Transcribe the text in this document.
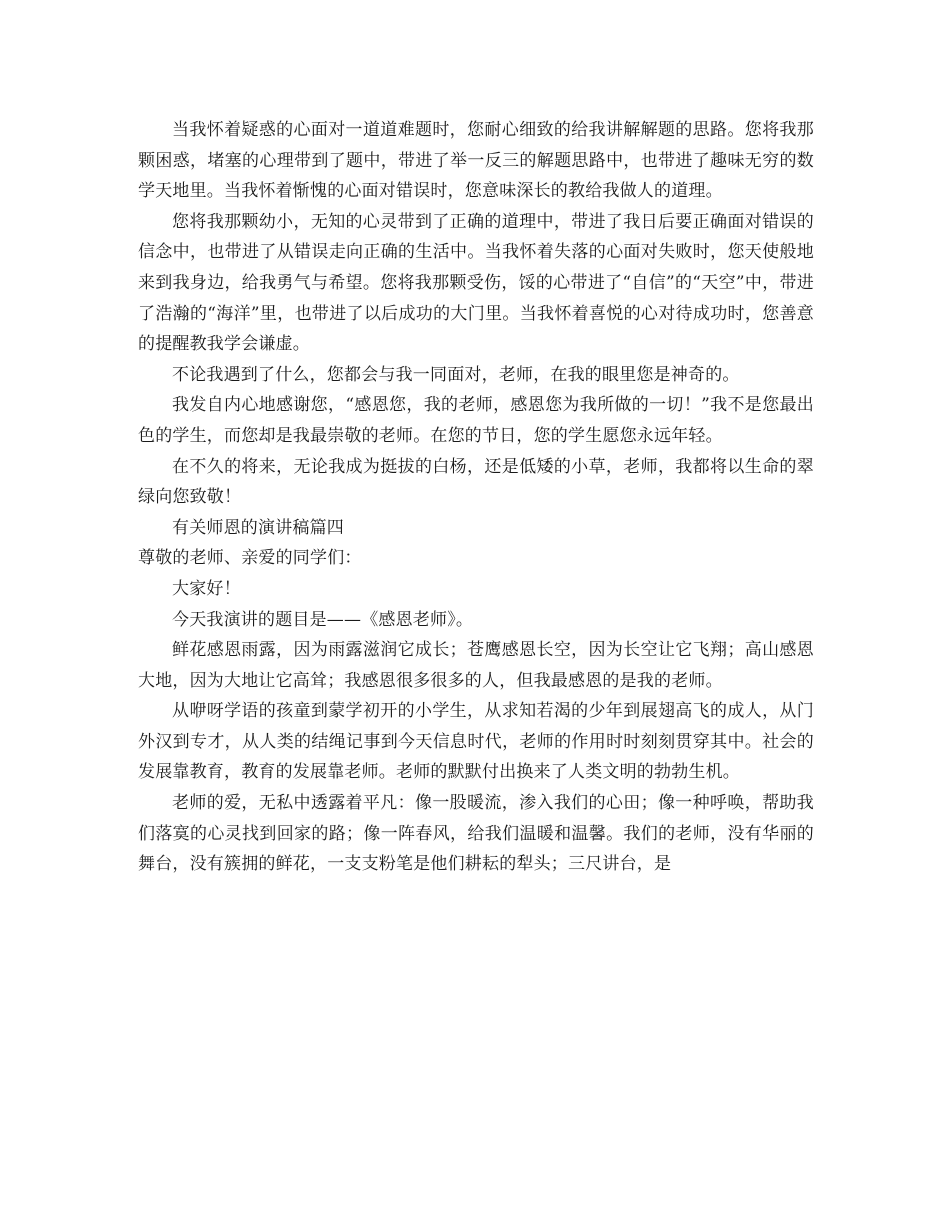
当我怀着疑惑的心面对一道道难题时，您耐心细致的给我讲解解题的思路。您将我那颗困惑，堵塞的心理带到了题中，带进了举一反三的解题思路中，也带进了趣味无穷的数学天地里。当我怀着惭愧的心面对错误时，您意味深长的教给我做人的道理。

您将我那颗幼小，无知的心灵带到了正确的道理中，带进了我日后要正确面对错误的信念中，也带进了从错误走向正确的生活中。当我怀着失落的心面对失败时，您天使般地来到我身边，给我勇气与希望。您将我那颗受伤，馁的心带进了“自信”的“天空”中，带进了浩瀚的“海洋”里，也带进了以后成功的大门里。当我怀着喜悦的心对待成功时，您善意的提醒教我学会谦虚。

不论我遇到了什么，您都会与我一同面对，老师，在我的眼里您是神奇的。

我发自内心地感谢您，“感恩您，我的老师，感恩您为我所做的一切！”我不是您最出色的学生，而您却是我最崇敬的老师。在您的节日，您的学生愿您永远年轻。

在不久的将来，无论我成为挺拔的白杨，还是低矮的小草，老师，我都将以生命的翠绿向您致敬！

有关师恩的演讲稿篇四

尊敬的老师、亲爱的同学们：

大家好！

今天我演讲的题目是——《感恩老师》。

鲜花感恩雨露，因为雨露滋润它成长；苍鹰感恩长空，因为长空让它飞翔；高山感恩大地，因为大地让它高耸；我感恩很多很多的人，但我最感恩的是我的老师。

从咿呀学语的孩童到蒙学初开的小学生，从求知若渴的少年到展翅高飞的成人，从门外汉到专才，从人类的结绳记事到今天信息时代，老师的作用时时刻刻贯穿其中。社会的发展靠教育，教育的发展靠老师。老师的默默付出换来了人类文明的勃勃生机。

老师的爱，无私中透露着平凡：像一股暖流，渗入我们的心田；像一种呼唤，帮助我们落寞的心灵找到回家的路；像一阵春风，给我们温暖和温馨。我们的老师，没有华丽的舞台，没有簇拥的鲜花，一支支粉笔是他们耕耘的犁头；三尺讲台，是
